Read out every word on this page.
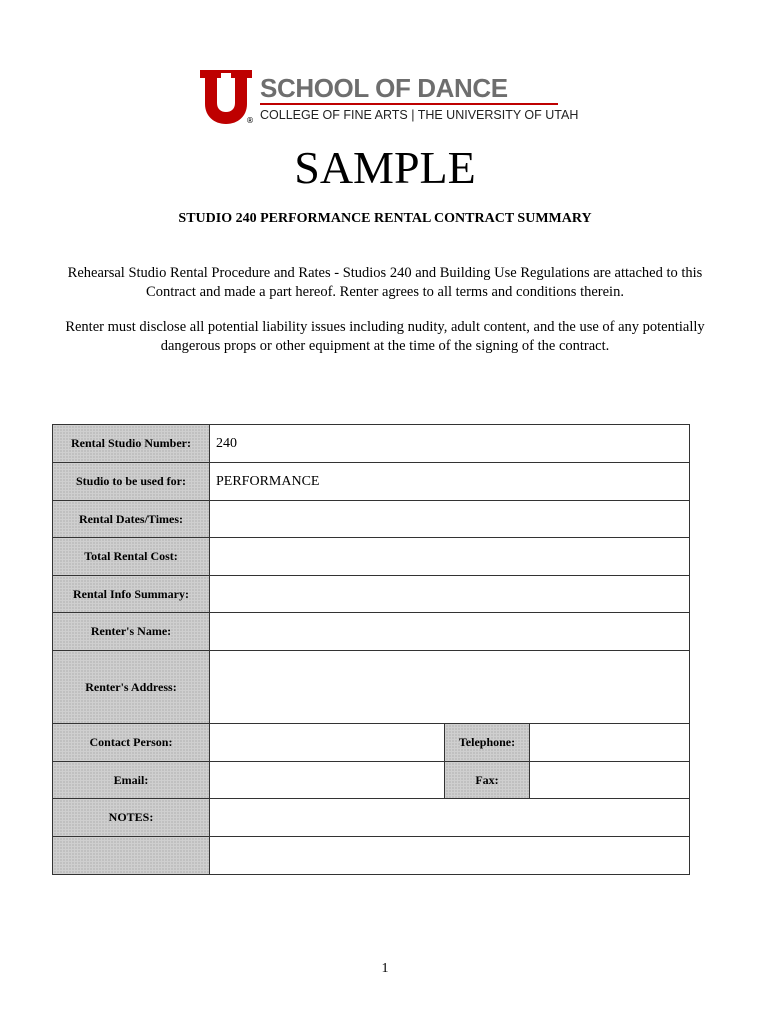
®
SCHOOL OF DANCE
COLLEGE OF FINE ARTS | THE UNIVERSITY OF UTAH
SAMPLE
STUDIO 240 PERFORMANCE RENTAL CONTRACT SUMMARY
Rehearsal Studio Rental Procedure and Rates - Studios 240 and Building Use Regulations are attached to this Contract and made a part hereof. Renter agrees to all terms and conditions therein.
Renter must disclose all potential liability issues including nudity, adult content, and the use of any potentially dangerous props or other equipment at the time of the signing of the contract.
Rental Studio Number:	240		
Studio to be used for:	PERFORMANCE		
Rental Dates/Times:			
Total Rental Cost:			
Rental Info Summary:			
Renter's Name:			
Renter's Address:			
Contact Person:		Telephone:	
Email:		Fax:	
NOTES:			

1
